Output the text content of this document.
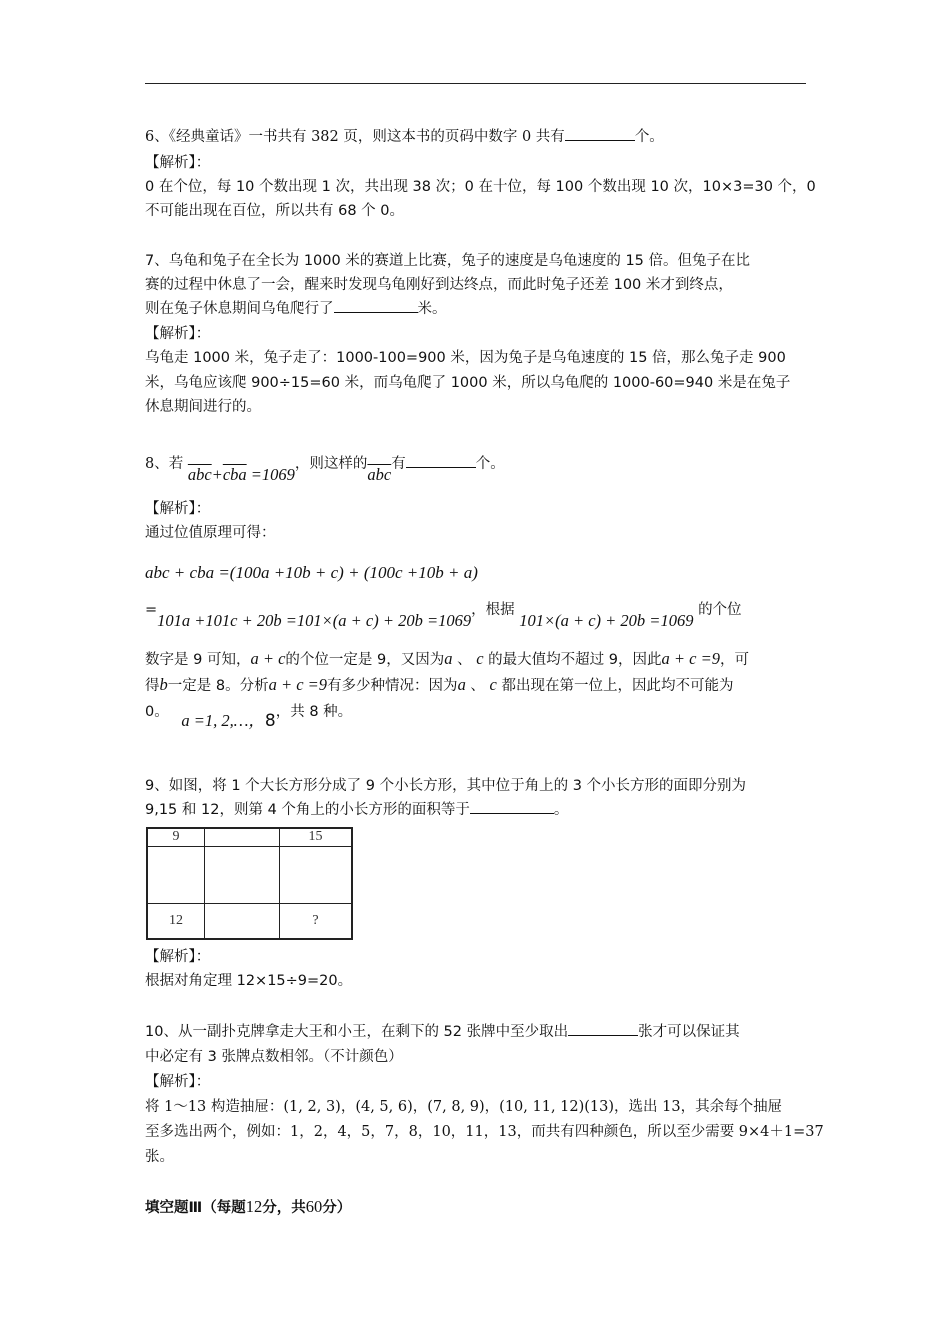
6、《经典童话》一书共有 382 页，则这本书的页码中数字 0 共有	个。
【解析】：
0 在个位，每 10 个数出现 1 次，共出现 38 次；0 在十位，每 100 个数出现 10 次，10×3=30 个，0
不可能出现在百位，所以共有 68 个 0。
7、乌龟和兔子在全长为 1000 米的赛道上比赛，兔子的速度是乌龟速度的 15 倍。但兔子在比
赛的过程中休息了一会，醒来时发现乌龟刚好到达终点，而此时兔子还差 100 米才到终点，
则在兔子休息期间乌龟爬行了	米。
【解析】：
乌龟走 1000 米，兔子走了：1000-100=900 米，因为兔子是乌龟速度的 15 倍，那么兔子走 900
米，乌龟应该爬 900÷15=60 米，而乌龟爬了 1000 米，所以乌龟爬的 1000-60=940 米是在兔子
休息期间进行的。
8、若 $\overline{abc}+\overline{cba} =1069$，则这样的$\overline{abc}$有	个。
【解析】：
通过位值原理可得：
abc + cba =(100a +10b + c) + (100c +10b + a)
=101a +101c + 20b =101×(a + c) + 20b =1069，根据 101×(a + c) + 20b =1069 的个位
数字是 9 可知，a + c的个位一定是 9，又因为a 、 c 的最大值均不超过 9，因此a + c =9，可
得b一定是 8。分析a + c =9有多少种情况：因为a 、 c 都出现在第一位上，因此均不可能为
0。 a =1, 2,…，8，共 8 种。
9、如图，将 1 个大长方形分成了 9 个小长方形，其中位于角上的 3 个小长方形的面即分别为
9,15 和 12，则第 4 个角上的小长方形的面积等于	。
9		15

12		?
【解析】：
根据对角定理 12×15÷9=20。
10、从一副扑克牌拿走大王和小王，在剩下的 52 张牌中至少取出	张才可以保证其
中必定有 3 张牌点数相邻。（不计颜色）
【解析】：
将 1～13 构造抽屉：(1, 2, 3)，(4, 5, 6)，(7, 8, 9)，(10, 11, 12)(13)，选出 13，其余每个抽屉
至多选出两个，例如：1，2，4，5，7，8，10，11，13，而共有四种颜色，所以至少需要 9×4＋1=37
张。
填空题Ⅲ（每题12分，共60分）
